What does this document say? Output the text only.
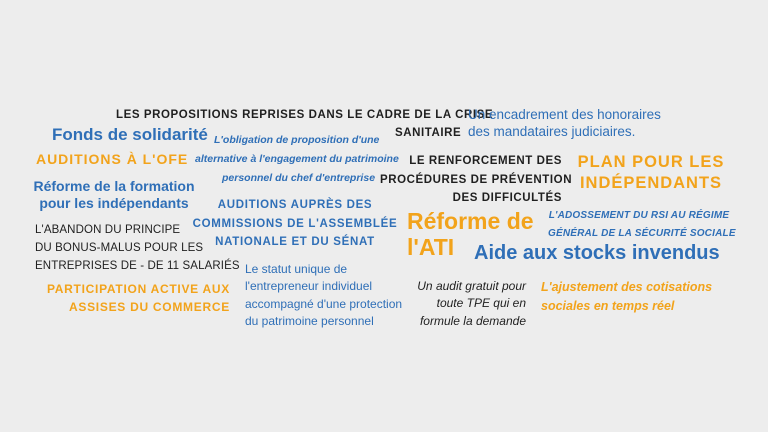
LES PROPOSITIONS REPRISES DANS LE CADRE DE LA CRISE
SANITAIRE
Un encadrement des honoraires
des mandataires judiciaires.
Fonds de solidarité L'obligation de proposition d'une
alternative à l'engagement du patrimoine
personnel du chef d'entreprise
AUDITIONS À L'OFE	LE RENFORCEMENT DES
PROCÉDURES DE PRÉVENTION
DES DIFFICULTÉS
PLAN POUR LES
INDÉPENDANTS
Réforme de la formation
pour les indépendants	AUDITIONS AUPRÈS DES
COMMISSIONS DE L'ASSEMBLÉE
NATIONALE ET DU SÉNAT
Réforme de
l'ATI
L'ADOSSEMENT DU RSI AU RÉGIME
GÉNÉRAL DE LA SÉCURITÉ SOCIALE
L'ABANDON DU PRINCIPE
DU BONUS-MALUS POUR LES
ENTREPRISES DE - DE 11 SALARIÉS
Aide aux stocks invendus
Le statut unique de
l'entrepreneur individuel
accompagné d'une protection
du patrimoine personnel
PARTICIPATION ACTIVE AUX
ASSISES DU COMMERCE
Un audit gratuit pour
toute TPE qui en
formule la demande
L'ajustement des cotisations
sociales en temps réel
